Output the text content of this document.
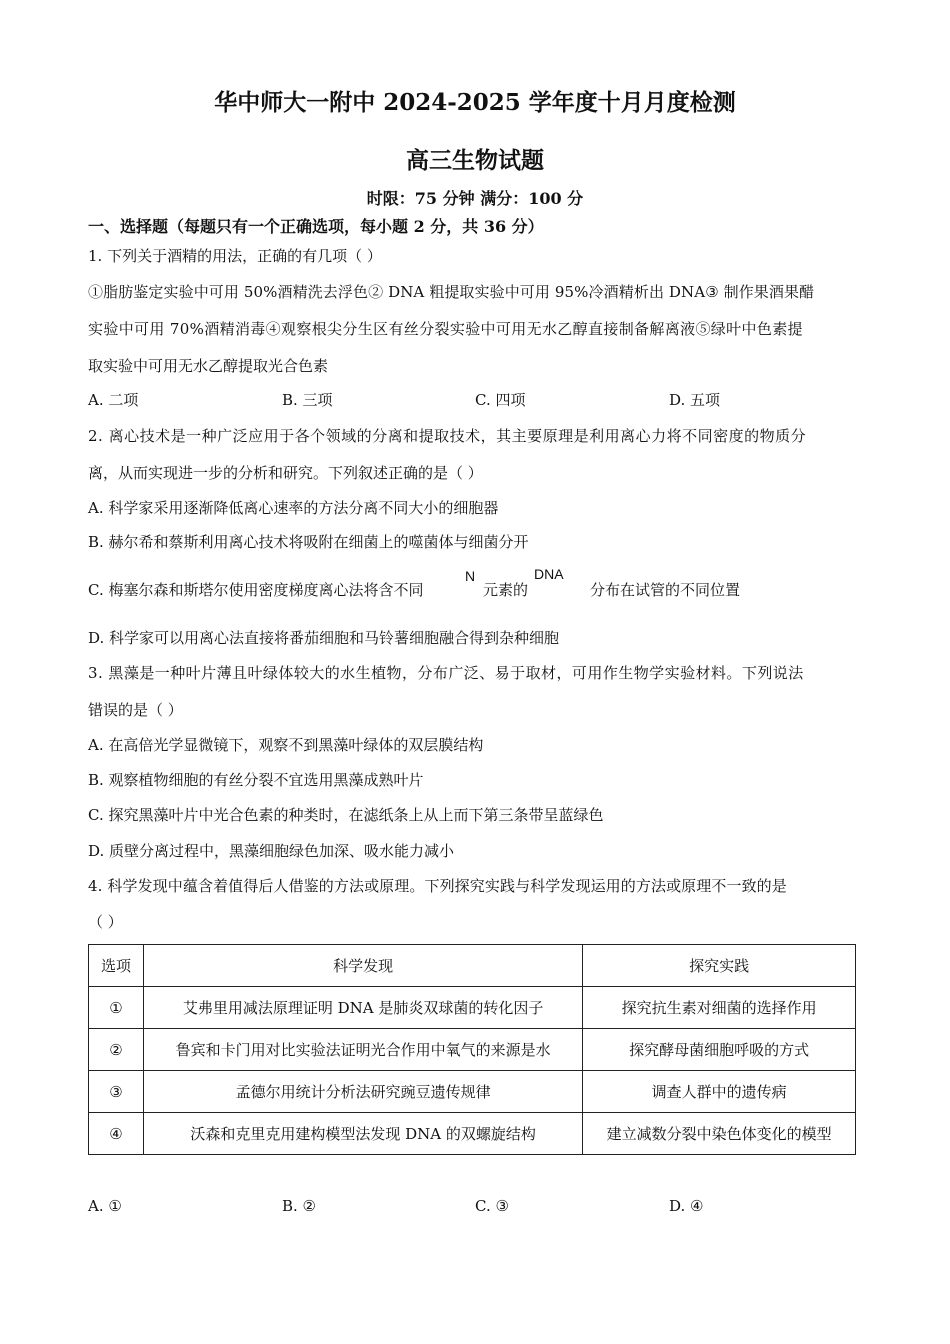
华中师大一附中 2024-2025 学年度十月月度检测
高三生物试题
时限：75 分钟 满分：100 分
一、选择题（每题只有一个正确选项，每小题 2 分，共 36 分）
1. 下列关于酒精的用法，正确的有几项（ ）
①脂肪鉴定实验中可用 50%酒精洗去浮色② DNA 粗提取实验中可用 95%冷酒精析出 DNA③ 制作果酒果醋
实验中可用 70%酒精消毒④观察根尖分生区有丝分裂实验中可用无水乙醇直接制备解离液⑤绿叶中色素提
取实验中可用无水乙醇提取光合色素
A. 二项	B. 三项	C. 四项	D. 五项
2. 离心技术是一种广泛应用于各个领域的分离和提取技术，其主要原理是利用离心力将不同密度的物质分
离，从而实现进一步的分析和研究。下列叙述正确的是（ ）
A. 科学家采用逐渐降低离心速率的方法分离不同大小的细胞器
B. 赫尔希和蔡斯利用离心技术将吸附在细菌上的噬菌体与细菌分开
C. 梅塞尔森和斯塔尔使用密度梯度离心法将含不同
N
元素的
DNA
分布在试管的不同位置
D. 科学家可以用离心法直接将番茄细胞和马铃薯细胞融合得到杂种细胞
3. 黑藻是一种叶片薄且叶绿体较大的水生植物，分布广泛、易于取材，可用作生物学实验材料。下列说法
错误的是（ ）
A. 在高倍光学显微镜下，观察不到黑藻叶绿体的双层膜结构
B. 观察植物细胞的有丝分裂不宜选用黑藻成熟叶片
C. 探究黑藻叶片中光合色素的种类时，在滤纸条上从上而下第三条带呈蓝绿色
D. 质壁分离过程中，黑藻细胞绿色加深、吸水能力减小
4. 科学发现中蕴含着值得后人借鉴的方法或原理。下列探究实践与科学发现运用的方法或原理不一致的是
（ ）
选项	科学发现	探究实践
①	艾弗里用减法原理证明 DNA 是肺炎双球菌的转化因子	探究抗生素对细菌的选择作用
②	鲁宾和卡门用对比实验法证明光合作用中氧气的来源是水	探究酵母菌细胞呼吸的方式
③	孟德尔用统计分析法研究豌豆遗传规律	调查人群中的遗传病
④	沃森和克里克用建构模型法发现 DNA 的双螺旋结构	建立减数分裂中染色体变化的模型
A. ①	B. ②	C. ③	D. ④
